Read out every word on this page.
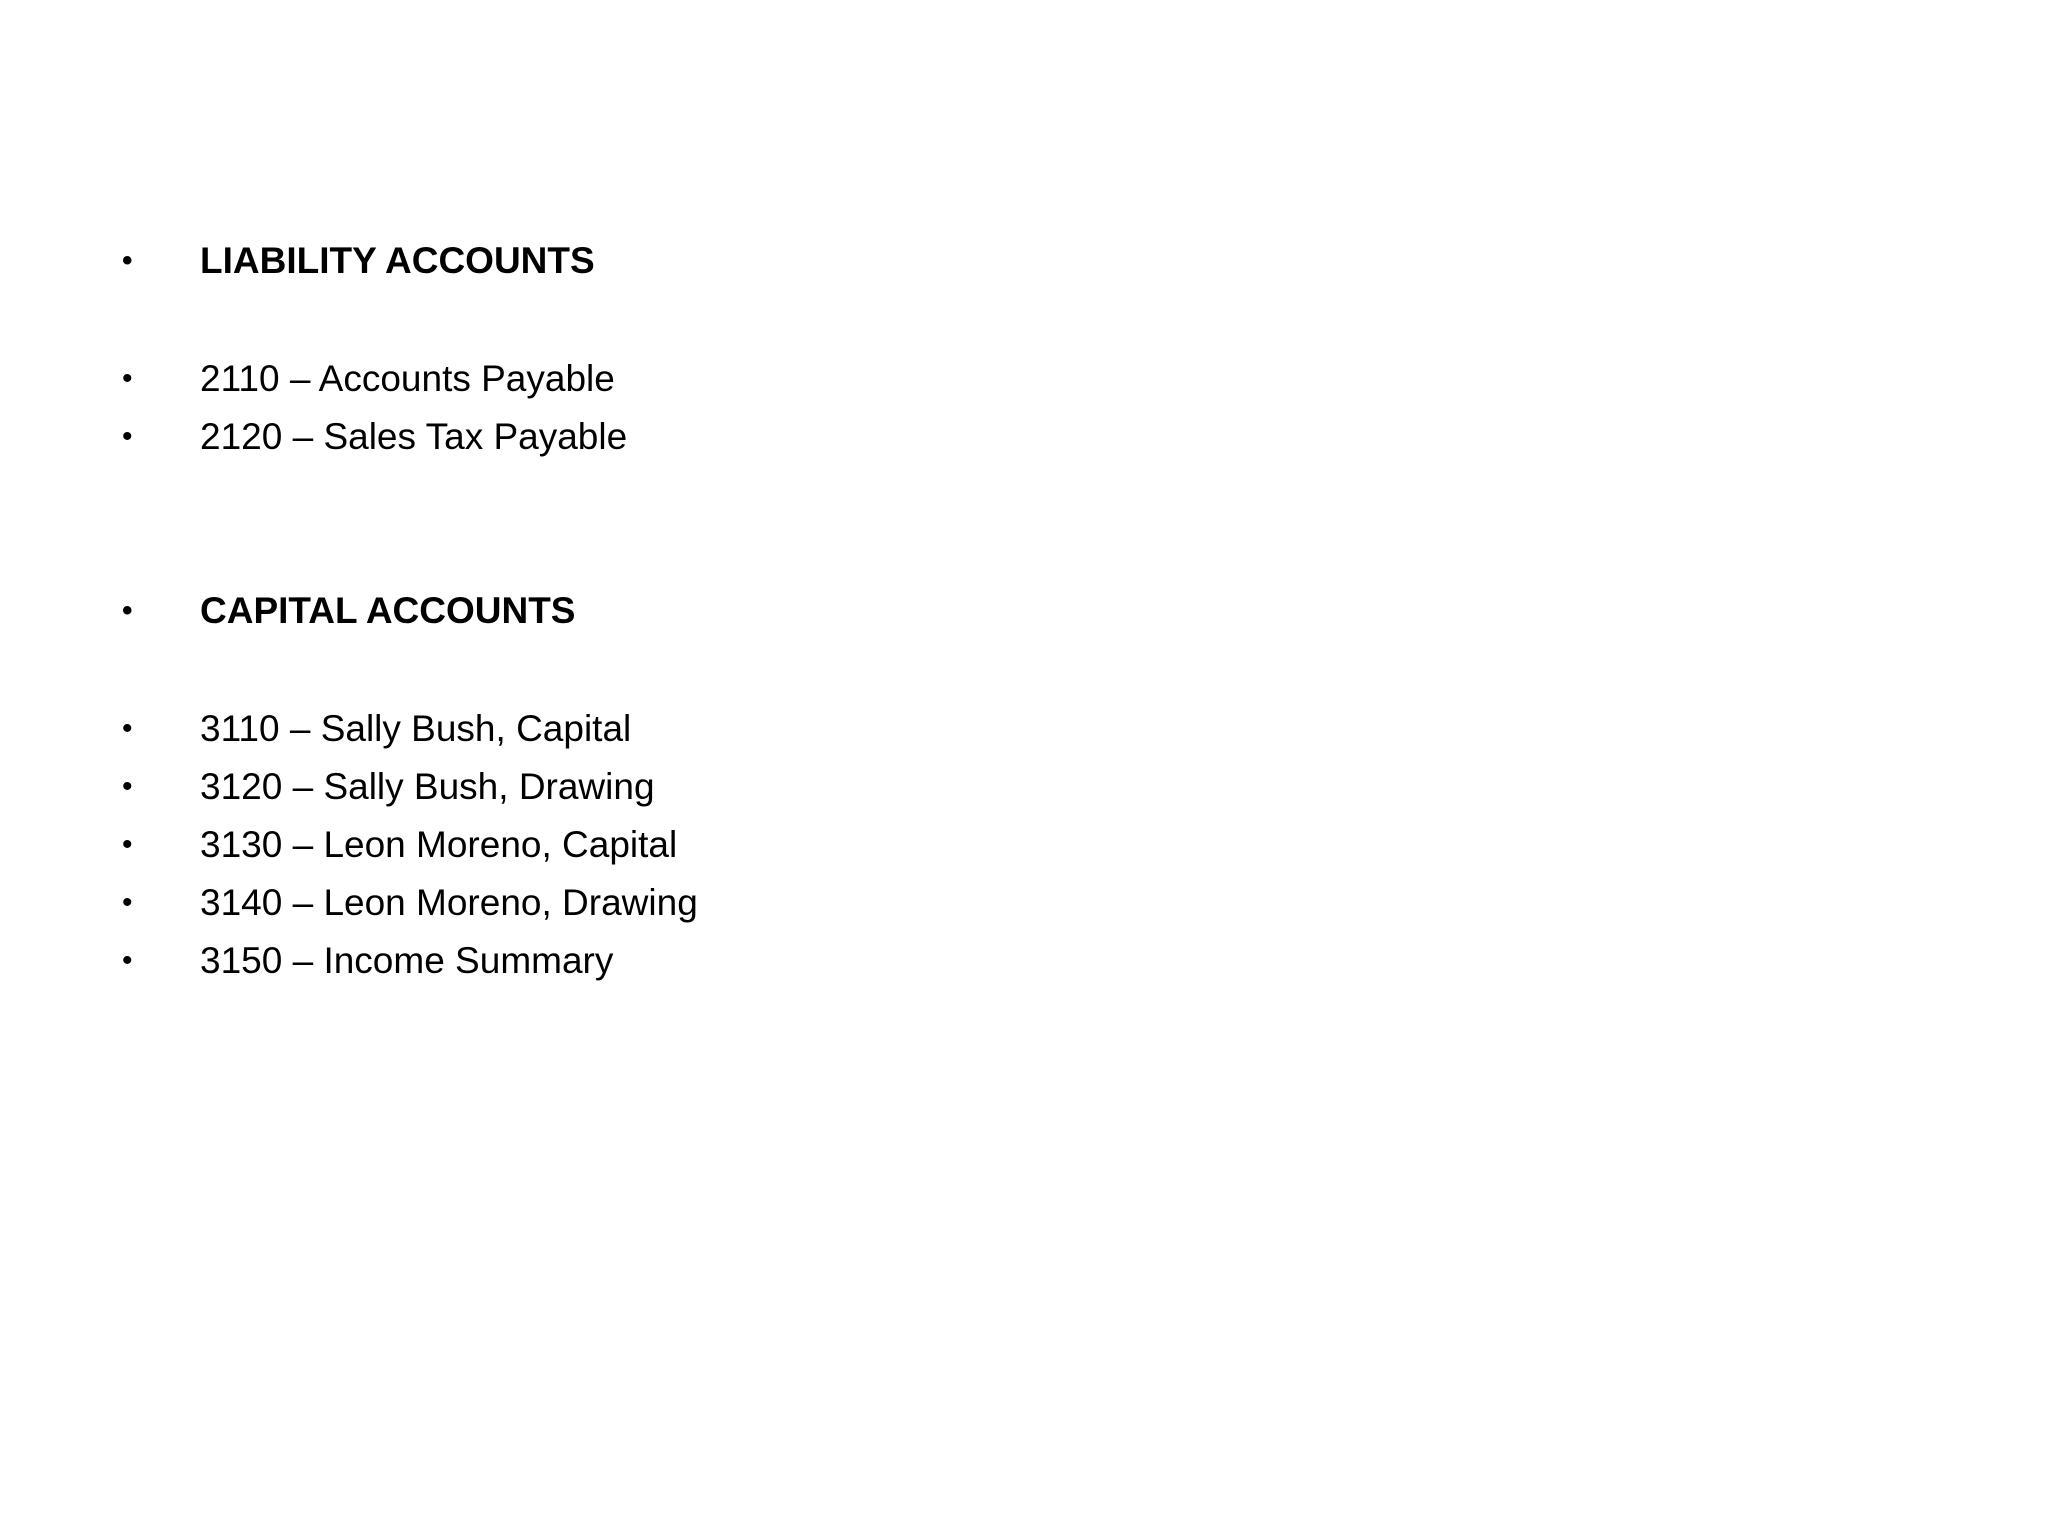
• LIABILITY ACCOUNTS
• 2110 – Accounts Payable
• 2120 – Sales Tax Payable
• CAPITAL ACCOUNTS
• 3110 – Sally Bush, Capital
• 3120 – Sally Bush, Drawing
• 3130 – Leon Moreno, Capital
• 3140 – Leon Moreno, Drawing
• 3150 – Income Summary
